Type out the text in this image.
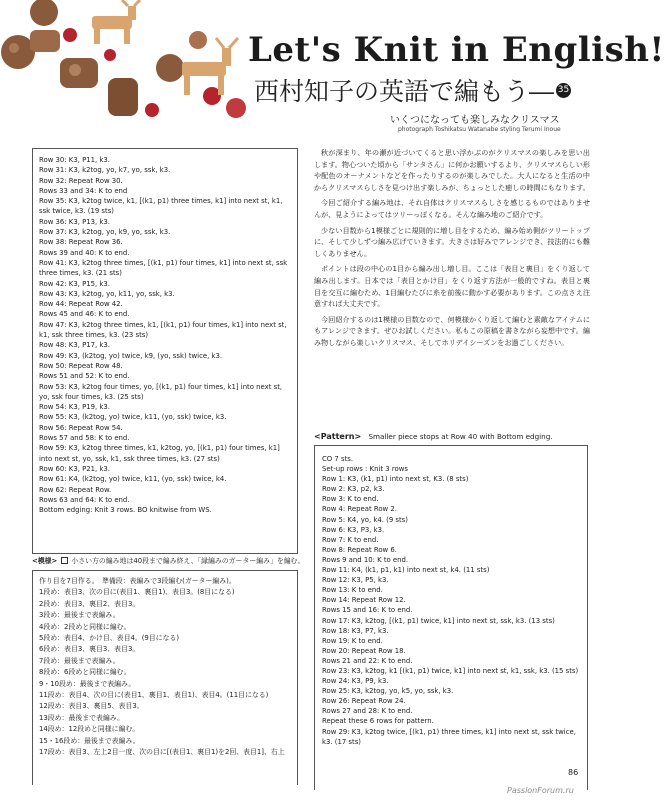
Let's Knit in English!
西村知子の英語で編もう― 35
いくつになっても楽しみなクリスマス
photograph Toshikatsu Watanabe styling Terumi Inoue
Row 30: K3, P11, k3.
Row 31: K3, k2tog, yo, k7, yo, ssk, k3.
Row 32: Repeat Row 30.
Rows 33 and 34: K to end
Row 35: K3, k2tog twice, k1, [(k1, p1) three times, k1] into next st, k1, ssk twice, k3. (19 sts)
Row 36: K3, P13, k3.
Row 37: K3, k2tog, yo, k9, yo, ssk, k3.
Row 38: Repeat Row 36.
Rows 39 and 40: K to end.
Row 41: K3, k2tog three times, [(k1, p1) four times, k1] into next st, ssk three times, k3. (21 sts)
Row 42: K3, P15, k3.
Row 43: K3, k2tog, yo, k11, yo, ssk, k3.
Row 44: Repeat Row 42.
Rows 45 and 46: K to end.
Row 47: K3, k2tog three times, k1, [(k1, p1) four times, k1] into next st, k1, ssk three times, k3. (23 sts)
Row 48: K3, P17, k3.
Row 49: K3, (k2tog, yo) twice, k9, (yo, ssk) twice, k3.
Row 50: Repeat Row 48.
Rows 51 and 52: K to end.
Row 53: K3, k2tog four times, yo, [(k1, p1) four times, k1] into next st, yo, ssk four times, k3. (25 sts)
Row 54: K3, P19, k3.
Row 55: K3, (k2tog, yo) twice, k11, (yo, ssk) twice, k3.
Row 56: Repeat Row 54.
Rows 57 and 58: K to end.
Row 59: K3, k2tog three times, k1, k2tog, yo, [(k1, p1) four times, k1] into next st, yo, ssk, k1, ssk three times, k3. (27 sts)
Row 60: K3, P21, k3.
Row 61: K4, (k2tog, yo) twice, k11, (yo, ssk) twice, k4.
Row 62: Repeat Row.
Rows 63 and 64: K to end.
Bottom edging: Knit 3 rows. BO knitwise from WS.
<模様> 小さい方の編み地は40段まで編み終え、「縁編みのガーター編み」を編む。
作り目を7目作る。　準備段：表編みで3段編む(ガーター編み)。
1段め：表目3、次の目に(表目1、裏目1)、表目3。(8目になる)
2段め：表目3、裏目2、表目3。
3段め：最後まで表編み。
4段め：2段めと同様に編む。
5段め：表目4、かけ目、表目4。(9目になる)
6段め：表目3、裏目3、表目3。
7段め：最後まで表編み。
8段め：6段めと同様に編む。
9・10段め：最後まで表編み。
11段め：表目4、次の目に(表目1、裏目1、表目1)、表目4。(11目になる)
12段め：表目3、裏目5、表目3。
13段め：最後まで表編み。
14段め：12段めと同様に編む。
15・16段め：最後まで表編み。
17段め：表目3、左上2目一度、次の目に[(表目1、裏目1)を2回、表目1]、右上

秋が深まり、年の瀬が近づいてくると思い浮かぶのがクリスマスの楽しみを思い出します。物心ついた頃から「サンタさん」に何かお願いするより、クリスマスらしい形や配色のオーナメントなどを作ったりするのが楽しみでした。大人になると生活の中からクリスマスらしさを見つけ出す楽しみが、ちょっとした癒しの時間にもなります。

今回ご紹介する編み地は、それ自体はクリスマスらしさを感じるものではありませんが、見ようによってはツリーっぽくなる。そんな編み地のご紹介です。

少ない目数から1模様ごとに規則的に増し目をするため、編み始め側がツリートップに、そして少しずつ編み広げていきます。大きさは好みでアレンジでき、技法的にも難しくありません。

ポイントは段の中心の1目から編み出し増し目。ここは「表目と裏目」をくり返して編み出します。日本では「表目とかけ目」をくり返す方法が一般的ですね。表目と裏目を交互に編むため、1目編むたびに糸を前後に動かす必要があります。この点さえ注意すれば大丈夫です。

今回紹介するのは1模様の目数なので、何模様かくり返して編むと素敵なアイテムにもアレンジできます。ぜひお試しください。私もこの原稿を書きながら妄想中です。編み物しながら楽しいクリスマス、そしてホリデイシーズンをお過ごしください。

<Pattern> Smaller piece stops at Row 40 with Bottom edging.
CO 7 sts.
Set-up rows : Knit 3 rows
Row 1: K3, (k1, p1) into next st, K3. (8 sts)
Row 2: K3, p2, k3.
Row 3: K to end.
Row 4: Repeat Row 2.
Row 5: K4, yo, k4. (9 sts)
Row 6: K3, P3, k3.
Row 7: K to end.
Row 8: Repeat Row 6.
Rows 9 and 10: K to end.
Row 11: K4, (k1, p1, k1) into next st, k4. (11 sts)
Row 12: K3, P5, k3.
Row 13: K to end.
Row 14: Repeat Row 12.
Rows 15 and 16: K to end.
Row 17: K3, k2tog, [(k1, p1) twice, k1] into next st, ssk, k3. (13 sts)
Row 18: K3, P7, k3.
Row 19: K to end.
Row 20: Repeat Row 18.
Rows 21 and 22: K to end.
Row 23: K3, k2tog, k1 [(k1, p1) twice, k1] into next st, k1, ssk, k3. (15 sts)
Row 24: K3, P9, k3.
Row 25: K3, k2tog, yo, k5, yo, ssk, k3.
Row 26: Repeat Row 24.
Rows 27 and 28: K to end.
Repeat these 6 rows for pattern.
Row 29: K3, k2tog twice, [(k1, p1) three times, k1] into next st, ssk twice, k3. (17 sts)
86
PassionForum.ru
